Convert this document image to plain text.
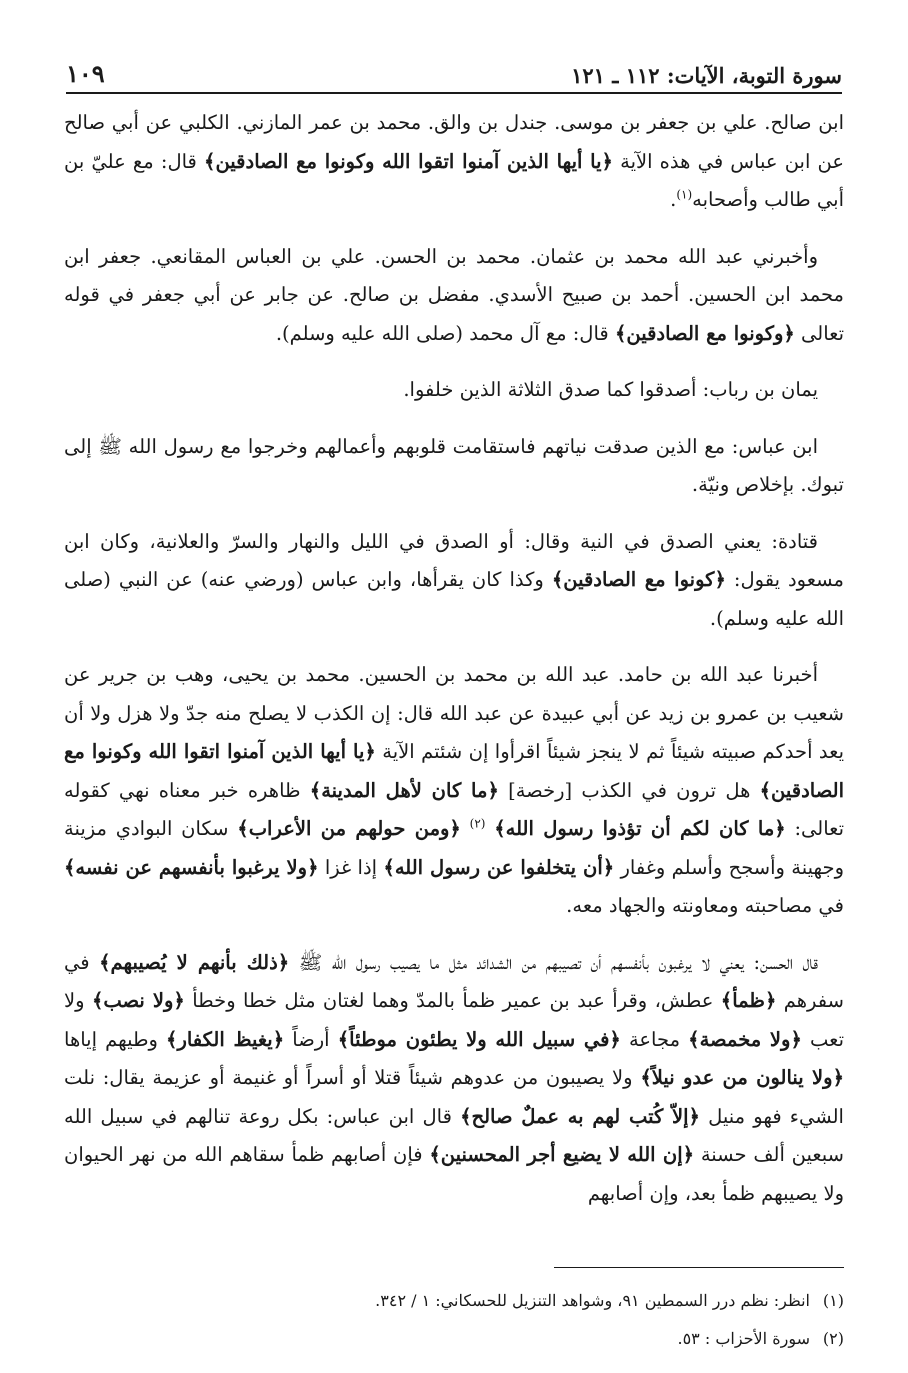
سورة التوبة، الآيات: ١١٢ ـ ١٢١
١٠٩

ابن صالح. علي بن جعفر بن موسى. جندل بن والق. محمد بن عمر المازني. الكلبي عن أبي صالح عن ابن عباس في هذه الآية ﴿يا أيها الذين آمنوا اتقوا الله وكونوا مع الصادقين﴾ قال: مع عليّ بن أبي طالب وأصحابه$^{(١)}$.

وأخبرني عبد الله محمد بن عثمان. محمد بن الحسن. علي بن العباس المقانعي. جعفر ابن محمد ابن الحسين. أحمد بن صبيح الأسدي. مفضل بن صالح. عن جابر عن أبي جعفر في قوله تعالى ﴿وكونوا مع الصادقين﴾ قال: مع آل محمد (صلى الله عليه وسلم).

يمان بن رباب: أصدقوا كما صدق الثلاثة الذين خلفوا.

ابن عباس: مع الذين صدقت نياتهم فاستقامت قلوبهم وأعمالهم وخرجوا مع رسول الله ﷺ إلى تبوك. بإخلاص ونيّة.

قتادة: يعني الصدق في النية وقال: أو الصدق في الليل والنهار والسرّ والعلانية، وكان ابن مسعود يقول: ﴿كونوا مع الصادقين﴾ وكذا كان يقرأها، وابن عباس (ورضي عنه) عن النبي (صلى الله عليه وسلم).

أخبرنا عبد الله بن حامد. عبد الله بن محمد بن الحسين. محمد بن يحيى، وهب بن جرير عن شعيب بن عمرو بن زيد عن أبي عبيدة عن عبد الله قال: إن الكذب لا يصلح منه جدّ ولا هزل ولا أن يعد أحدكم صبيته شيئاً ثم لا ينجز شيئاً اقرأوا إن شئتم الآية ﴿يا أيها الذين آمنوا اتقوا الله وكونوا مع الصادقين﴾ هل ترون في الكذب [رخصة] ﴿ما كان لأهل المدينة﴾ ظاهره خبر معناه نهي كقوله تعالى: ﴿ما كان لكم أن تؤذوا رسول الله﴾ $^{(٢)}$ ﴿ومن حولهم من الأعراب﴾ سكان البوادي مزينة وجهينة وأسجح وأسلم وغفار ﴿أن يتخلفوا عن رسول الله﴾ إذا غزا ﴿ولا يرغبوا بأنفسهم عن نفسه﴾ في مصاحبته ومعاونته والجهاد معه.

قال الحسن: يعني لا يرغبون بأنفسهم أن تصيبهم من الشدائد مثل ما يصيب رسول الله ﷺ ﴿ذلك بأنهم لا يُصيبهم﴾ في سفرهم ﴿ظمأ﴾ عطش، وقرأ عبد بن عمير ظمأ بالمدّ وهما لغتان مثل خطا وخطأ ﴿ولا نصب﴾ ولا تعب ﴿ولا مخمصة﴾ مجاعة ﴿في سبيل الله ولا يطئون موطئاً﴾ أرضاً ﴿يغيظ الكفار﴾ وطيهم إياها ﴿ولا ينالون من عدو نيلاً﴾ ولا يصيبون من عدوهم شيئاً قتلا أو أسراً أو غنيمة أو عزيمة يقال: نلت الشيء فهو منيل ﴿إلاّ كُتب لهم به عملٌ صالح﴾ قال ابن عباس: بكل روعة تنالهم في سبيل الله سبعين ألف حسنة ﴿إن الله لا يضيع أجر المحسنين﴾ فإن أصابهم ظمأ سقاهم الله من نهر الحيوان ولا يصيبهم ظمأ بعد، وإن أصابهم

(١)انظر: نظم درر السمطين ٩١، وشواهد التنزيل للحسكاني: ١ / ٣٤٢.

(٢)سورة الأحزاب : ٥٣.
